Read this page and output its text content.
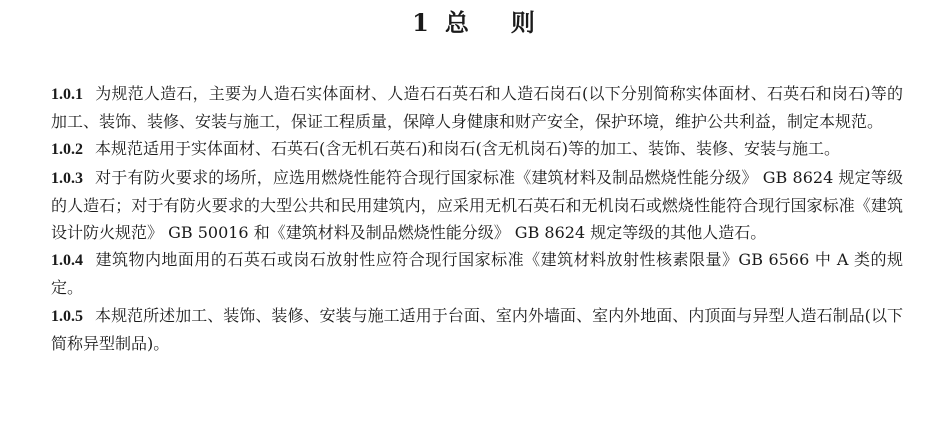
1 总 则

1.0.1 为规范人造石，主要为人造石实体面材、人造石石英石和人造石岗石(以下分别简称实体面材、石英石和岗石)等的加工、装饰、装修、安装与施工，保证工程质量，保障人身健康和财产安全，保护环境，维护公共利益，制定本规范。

1.0.2 本规范适用于实体面材、石英石(含无机石英石)和岗石(含无机岗石)等的加工、装饰、装修、安装与施工。

1.0.3 对于有防火要求的场所，应选用燃烧性能符合现行国家标准《建筑材料及制品燃烧性能分级》 GB 8624 规定等级的人造石；对于有防火要求的大型公共和民用建筑内，应采用无机石英石和无机岗石或燃烧性能符合现行国家标准《建筑设计防火规范》 GB 50016 和《建筑材料及制品燃烧性能分级》 GB 8624 规定等级的其他人造石。

1.0.4 建筑物内地面用的石英石或岗石放射性应符合现行国家标准《建筑材料放射性核素限量》GB 6566 中 A 类的规定。

1.0.5 本规范所述加工、装饰、装修、安装与施工适用于台面、室内外墙面、室内外地面、内顶面与异型人造石制品(以下简称异型制品)。
